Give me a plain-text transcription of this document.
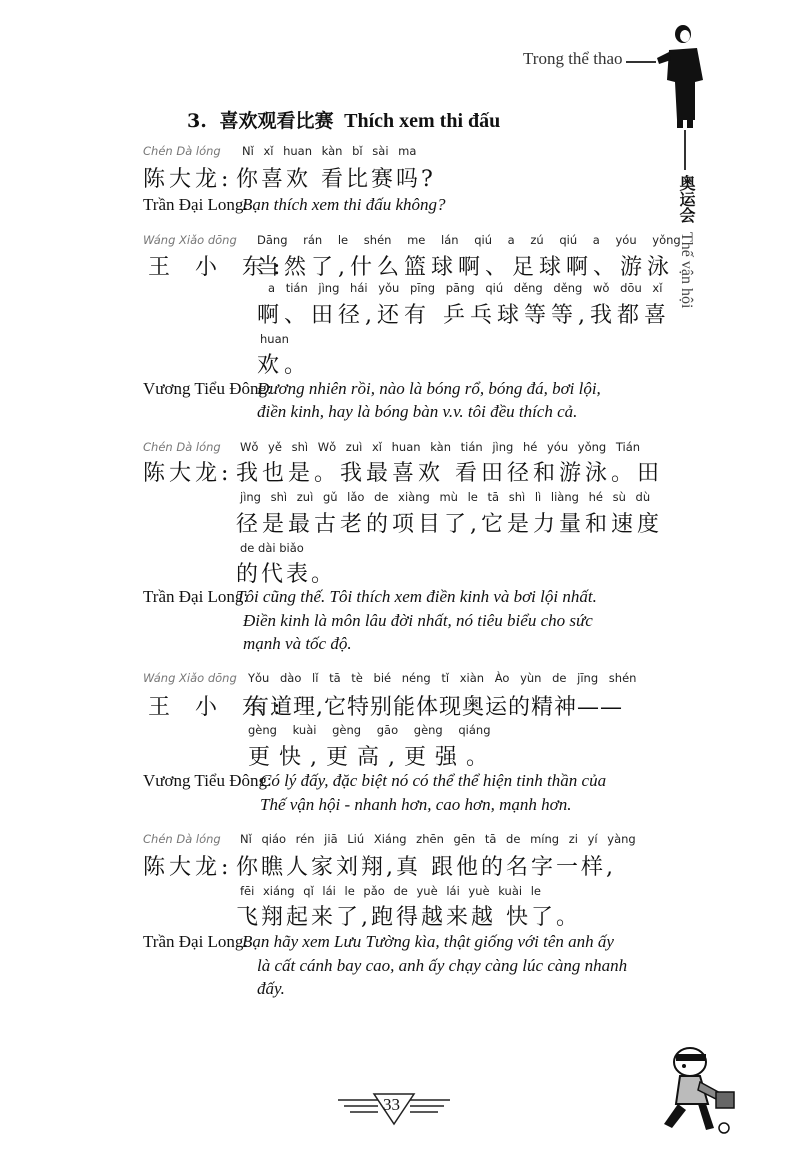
Trong thể thao
奥运会 Thế vận hội
3. 喜欢观看比赛 Thích xem thi đấu
Chén Dà lóng Nǐ xǐ huan kàn bǐ sài ma
陈大龙: 你喜欢 看比赛吗?
Trần Đại Long:
Bạn thích xem thi đấu không?
Wáng Xiǎo dōng Dāng rán le shén me lán qiú a zú qiú a yóu yǒng
王 小 东:
当然了,什么篮球啊、足球啊、游泳
a tián jìng hái yǒu pīng pāng qiú děng děng wǒ dōu xǐ
啊、田径,还有 乒乓球等等,我都喜
huan
欢。
Vương Tiểu Đông:
Đương nhiên rồi, nào là bóng rổ, bóng đá, bơi lội,
điền kinh, hay là bóng bàn v.v. tôi đều thích cả.
Chén Dà lóng Wǒ yě shì Wǒ zuì xǐ huan kàn tián jìng hé yóu yǒng Tián
陈大龙: 我也是。我最喜欢 看田径和游泳。田
jìng shì zuì gǔ lǎo de xiàng mù le tā shì lì liàng hé sù dù
径是最古老的项目了,它是力量和速度
de dài biǎo
的代表。
Trần Đại Long:
Tôi cũng thế. Tôi thích xem điền kinh và bơi lội nhất.
Điền kinh là môn lâu đời nhất, nó tiêu biểu cho sức
mạnh và tốc độ.
Wáng Xiǎo dōng Yǒu dào lǐ tā tè bié néng tǐ xiàn Ào yùn de jīng shén
王 小 东:
有道理,它特别能体现奥运的精神——
gèng kuài gèng gāo gèng qiáng
更快,更高,更强。
Vương Tiểu Đông:
Có lý đấy, đặc biệt nó có thể thể hiện tinh thần của
Thế vận hội - nhanh hơn, cao hơn, mạnh hơn.
Chén Dà lóng Nǐ qiáo rén jiā Liú Xiáng zhēn gēn tā de míng zi yí yàng
陈大龙: 你瞧人家刘翔,真 跟他的名字一样,
fēi xiáng qǐ lái le pǎo de yuè lái yuè kuài le
飞翔起来了,跑得越来越 快了。
Trần Đại Long:
Bạn hãy xem Lưu Tường kìa, thật giống với tên anh ấy
là cất cánh bay cao, anh ấy chạy càng lúc càng nhanh
đấy.
33
